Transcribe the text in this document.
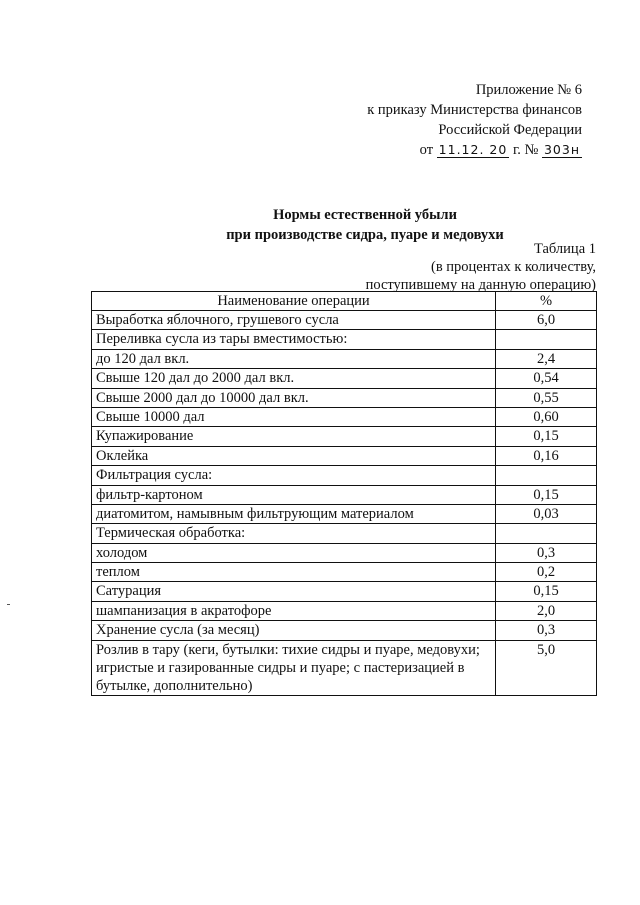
Приложение № 6
к приказу Министерства финансов
Российской Федерации
от 11.12. 20 г. № 303н
Нормы естественной убыли
при производстве сидра, пуаре и медовухи
Таблица 1
(в процентах к количеству,
поступившему на данную операцию)
Наименование операции	%
Выработка яблочного, грушевого сусла	6,0
Переливка сусла из тары вместимостью:	
до 120 дал вкл.	2,4
Свыше 120 дал до 2000 дал вкл.	0,54
Свыше 2000 дал до 10000 дал вкл.	0,55
Свыше 10000 дал	0,60
Купажирование	0,15
Оклейка	0,16
Фильтрация сусла:	
фильтр-картоном	0,15
диатомитом, намывным фильтрующим материалом	0,03
Термическая обработка:	
холодом	0,3
теплом	0,2
Сатурация	0,15
шампанизация в акратофоре	2,0
Хранение сусла (за месяц)	0,3
Розлив в тару (кеги, бутылки: тихие сидры и пуаре, медовухи; игристые и газированные сидры и пуаре; с пастеризацией в бутылке, дополнительно)	5,0
